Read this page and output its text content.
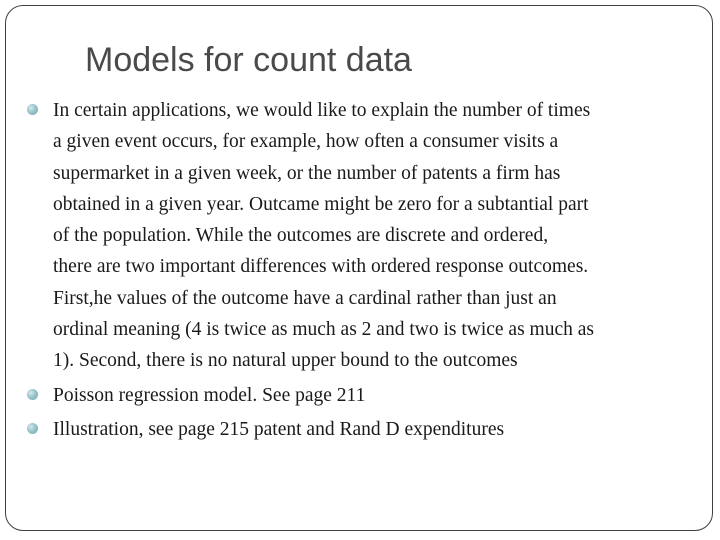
Models for count data
In certain applications, we would like to explain the number of times
a given event occurs, for example, how often a consumer visits a
supermarket in a given week, or the number of patents a firm has
obtained in a given year. Outcame might be zero for a subtantial part
of the population. While the outcomes are discrete and ordered,
there are two important differences with ordered response outcomes.
First,he values of the outcome have a cardinal rather than just an
ordinal meaning (4 is twice as much as 2 and two is twice as much as
1). Second, there is no natural upper bound to the outcomes
Poisson regression model. See page 211
Illustration, see page 215 patent and Rand D expenditures
